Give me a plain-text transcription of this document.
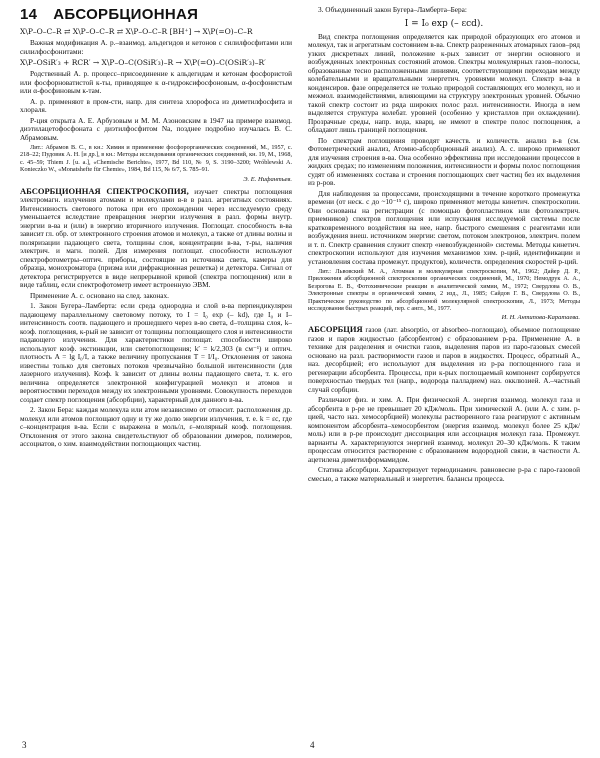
14 АБСОРБЦИОННАЯ
X\P–O–C–R ⇄ X\P–O–C–R ⇄ X\P–O–C–R [BH⁺] → X\P(=O)–C–R

Важная модификация А. р.–взаимод. альдегидов и кетонов с силилфосфитами или силилфосфонитами:

X\P–OSiR′₃ + RCR′ → X\P–O–C(OSiR′₃)–R → X\P(=O)–C(OSiR′₃)–R′

Родственный А. р. процесс–присоединение к альдегидам и кетонам фосфористой или фосфорноватистой к-ты, приводящее к α-гидроксифосфоновым, α-фосфонистым или α-фосфиновым к-там.

А. р. применяют в пром-сти, напр. для синтеза хлорофоса из диметилфосфита и хлораля.

Р-ция открыта А. Е. Арбузовым и М. М. Азоновским в 1947 на примере взаимод. диэтилацетофосфоната с диэтилфосфитом Na, позднее подробно изучалась В. С. Абрамовым.

Лит.: Абрамов В. С., в кн.: Химия и применение фосфорорганических соединений, М., 1957, с. 218–22; Пудовик А. Н. [и др.], в кн.: Методы исследования органических соединений, кн. 19, М., 1968, с. 45–59; Thiem J. [u. a.], «Chemische Berichte», 1977, Bd 110, № 9, S. 3190–3200; Wróblewski A. Konieczko W., «Monatshefte für Chemie», 1984, Bd 115, № 6/7, S. 785–91.

Э. Е. Нифантьев.

АБСОРБЦИОННАЯ СПЕКТРОСКОПИЯ, изучает спектры поглощения электромагн. излучения атомами и молекулами в-в в разл. агрегатных состояниях. Интенсивность светового потока при его прохождении через исследуемую среду уменьшается вследствие превращения энергии излучения в разл. формы внутр. энергии в-ва и (или) в энергию вторичного излучения. Поглощат. способность в-ва зависит гл. обр. от электронного строения атомов и молекул, а также от длины волны и поляризации падающего света, толщины слоя, концентрации в-ва, т-ры, наличия электрич. и магн. полей. Для измерения поглощат. способности используют спектрофотометры–оптич. приборы, состоящие из источника света, камеры для образца, монохроматора (призма или дифракционная решетка) и детектора. Сигнал от детектора регистрируется в виде непрерывной кривой (спектра поглощения) или в виде таблиц, если спектрофотометр имеет встроенную ЭВМ.

Применение А. с. основано на след. законах.

1. Закон Бугера–Ламберта: если среда однородна и слой в-ва перпендикулярен падающему параллельному световому потоку, то I = I₀ exp (– kd), где I₀ и I–интенсивность соотв. падающего и прошедшего через в-во света, d–толщина слоя, k–коэф. поглощения, к-рый не зависит от толщины поглощающего слоя и интенсивности падающего излучения. Для характеристики поглощат. способности широко используют коэф. экстинкции, или светопоглощения; k′ = k/2,303 (в см⁻¹) и оптич. плотность A = lg I₀/I, а также величину пропускания T = I/I₀. Отклонения от закона известны только для световых потоков чрезвычайно большой интенсивности (для лазерного излучения). Коэф. k зависит от длины волны падающего света, т. к. его величина определяется электронной конфигурацией молекул и атомов и вероятностями переходов между их электронными уровнями. Совокупность переходов создает спектр поглощения (абсорбции), характерный для данного в-ва.

2. Закон Бера: каждая молекула или атом независимо от относит. расположения др. молекул или атомов поглощают одну и ту же долю энергии излучения, т. е. k = εc, где c–концентрация в-ва. Если с выражена в моль/л, ε–молярный коэф. поглощения. Отклонения от этого закона свидетельствуют об образовании димеров, полимеров, ассоциатов, о хим. взаимодействии поглощающих частиц.

3. Объединенный закон Бугера–Ламберта–Бера:

I = I₀ exp (– εcd).

Вид спектра поглощения определяется как природой образующих его атомов и молекул, так и агрегатным состоянием в-ва. Спектр разреженных атомарных газов–ряд узких дискретных линий, положение к-рых зависит от энергии основного и возбужденных электронных состояний атомов. Спектры молекулярных газов–полосы, образованные тесно расположенными линиями, соответствующими переходам между колебательными и вращательными энергетич. уровнями молекул. Спектр в-ва в конденсиров. фазе определяется не только природой составляющих его молекул, но и межмол. взаимодействиями, влияющими на структуру электронных уровней. Обычно такой спектр состоит из ряда широких полос разл. интенсивности. Иногда в нем выделяется структура колебат. уровней (особенно у кристаллов при охлаждении). Прозрачные среды, напр. вода, кварц, не имеют в спектре полос поглощения, а обладают лишь границей поглощения.

По спектрам поглощения проводят качеств. и количеств. анализ в-в (см. Фотометрический анализ, Атомно-абсорбционный анализ). А. с. широко применяют для изучения строения в-ва. Она особенно эффективна при исследовании процессов в жидких средах; по изменениям положения, интенсивности и формы полос поглощения судят об изменениях состава и строения поглощающих свет частиц без их выделения из р-ров.

Для наблюдения за процессами, происходящими в течение короткого промежутка времени (от неск. с до ~10⁻¹⁵ с), широко применяют методы кинетич. спектроскопии. Они основаны на регистрации (с помощью фотопластинок или фотоэлектрич. приемников) спектров поглощения или испускания исследуемой системы после кратковременного воздействия на нее, напр. быстрого смешения с реагентами или возбуждения внеш. источником энергии: светом, потоком электронов, электрич. полем и т. п. Спектр сравнения служит спектр «невозбужденной» системы. Методы кинетич. спектроскопии используют для изучения механизмов хим. р-ций, идентификации и установления состава промежут. продуктов), количеств. определения скоростей р-ций.

Лит.: Львовский М. А., Атомная и молекулярная спектроскопия, М., 1962; Дайер Д. Р., Приложения абсорбционной спектроскопии органических соединений, М., 1970; Немодрук А. А., Безрогова Е. В., Фотохимические реакции в аналитической химии, М., 1972; Свердлова О. В., Электронные спектры в органической химии, 2 изд., Л., 1985; Сайдов Г. В., Свердлова О. В., Практическое руководство по абсорбционной молекулярной спектроскопии, Л., 1973; Методы исследования быстрых реакций, пер. с англ., М., 1977.

И. Н. Антипова-Каратаева.

АБСОРБЦИЯ газов (лат. absorptio, от absorbeo–поглощаю), объемное поглощение газов и паров жидкостью (абсорбентом) с образованием р-ра. Применение А. в технике для разделения и очистки газов, выделения паров из паро-газовых смесей основано на разл. растворимости газов и паров в жидкостях. Процесс, обратный А., наз. десорбцией; его используют для выделения из р-ра поглощенного газа и регенерации абсорбента. Процессы, при к-рых поглощаемый компонент сорбируется поверхностью твердых тел (напр., водорода палладием) наз. окклюзией. А.–частный случай сорбции.

Различают физ. и хим. А. При физической А. энергия взаимод. молекул газа и абсорбента в р-ре не превышает 20 кДж/моль. При химической А. (или А. с хим. р-цией, часто наз. хемосорбцией) молекулы растворенного газа реагируют с активным компонентом абсорбента–хемосорбентом (энергия взаимод. молекул более 25 кДж/моль) или в р-ре происходит диссоциация или ассоциация молекул газа. Промежут. варианты А. характеризуются энергией взаимод. молекул 20–30 кДж/моль. К таким процессам относится растворение с образованием водородной связи, в частности А. ацетилена диметилформамидом.

Статика абсорбции. Характеризует термодинамич. равновесие р-ра с паро-газовой смесью, а также материальный и энергетич. балансы процесса.

3	4
